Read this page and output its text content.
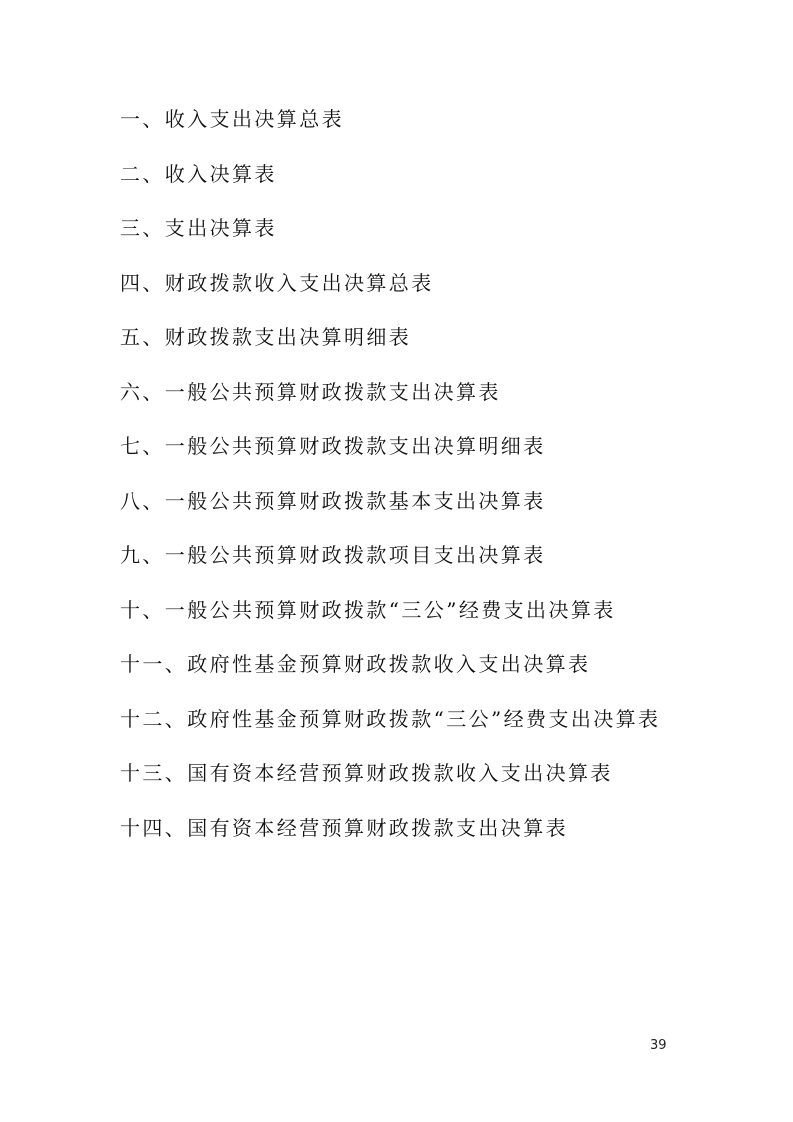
一、收入支出决算总表
二、收入决算表
三、支出决算表
四、财政拨款收入支出决算总表
五、财政拨款支出决算明细表
六、一般公共预算财政拨款支出决算表
七、一般公共预算财政拨款支出决算明细表
八、一般公共预算财政拨款基本支出决算表
九、一般公共预算财政拨款项目支出决算表
十、一般公共预算财政拨款“三公”经费支出决算表
十一、政府性基金预算财政拨款收入支出决算表
十二、政府性基金预算财政拨款“三公”经费支出决算表
十三、国有资本经营预算财政拨款收入支出决算表
十四、国有资本经营预算财政拨款支出决算表
39
